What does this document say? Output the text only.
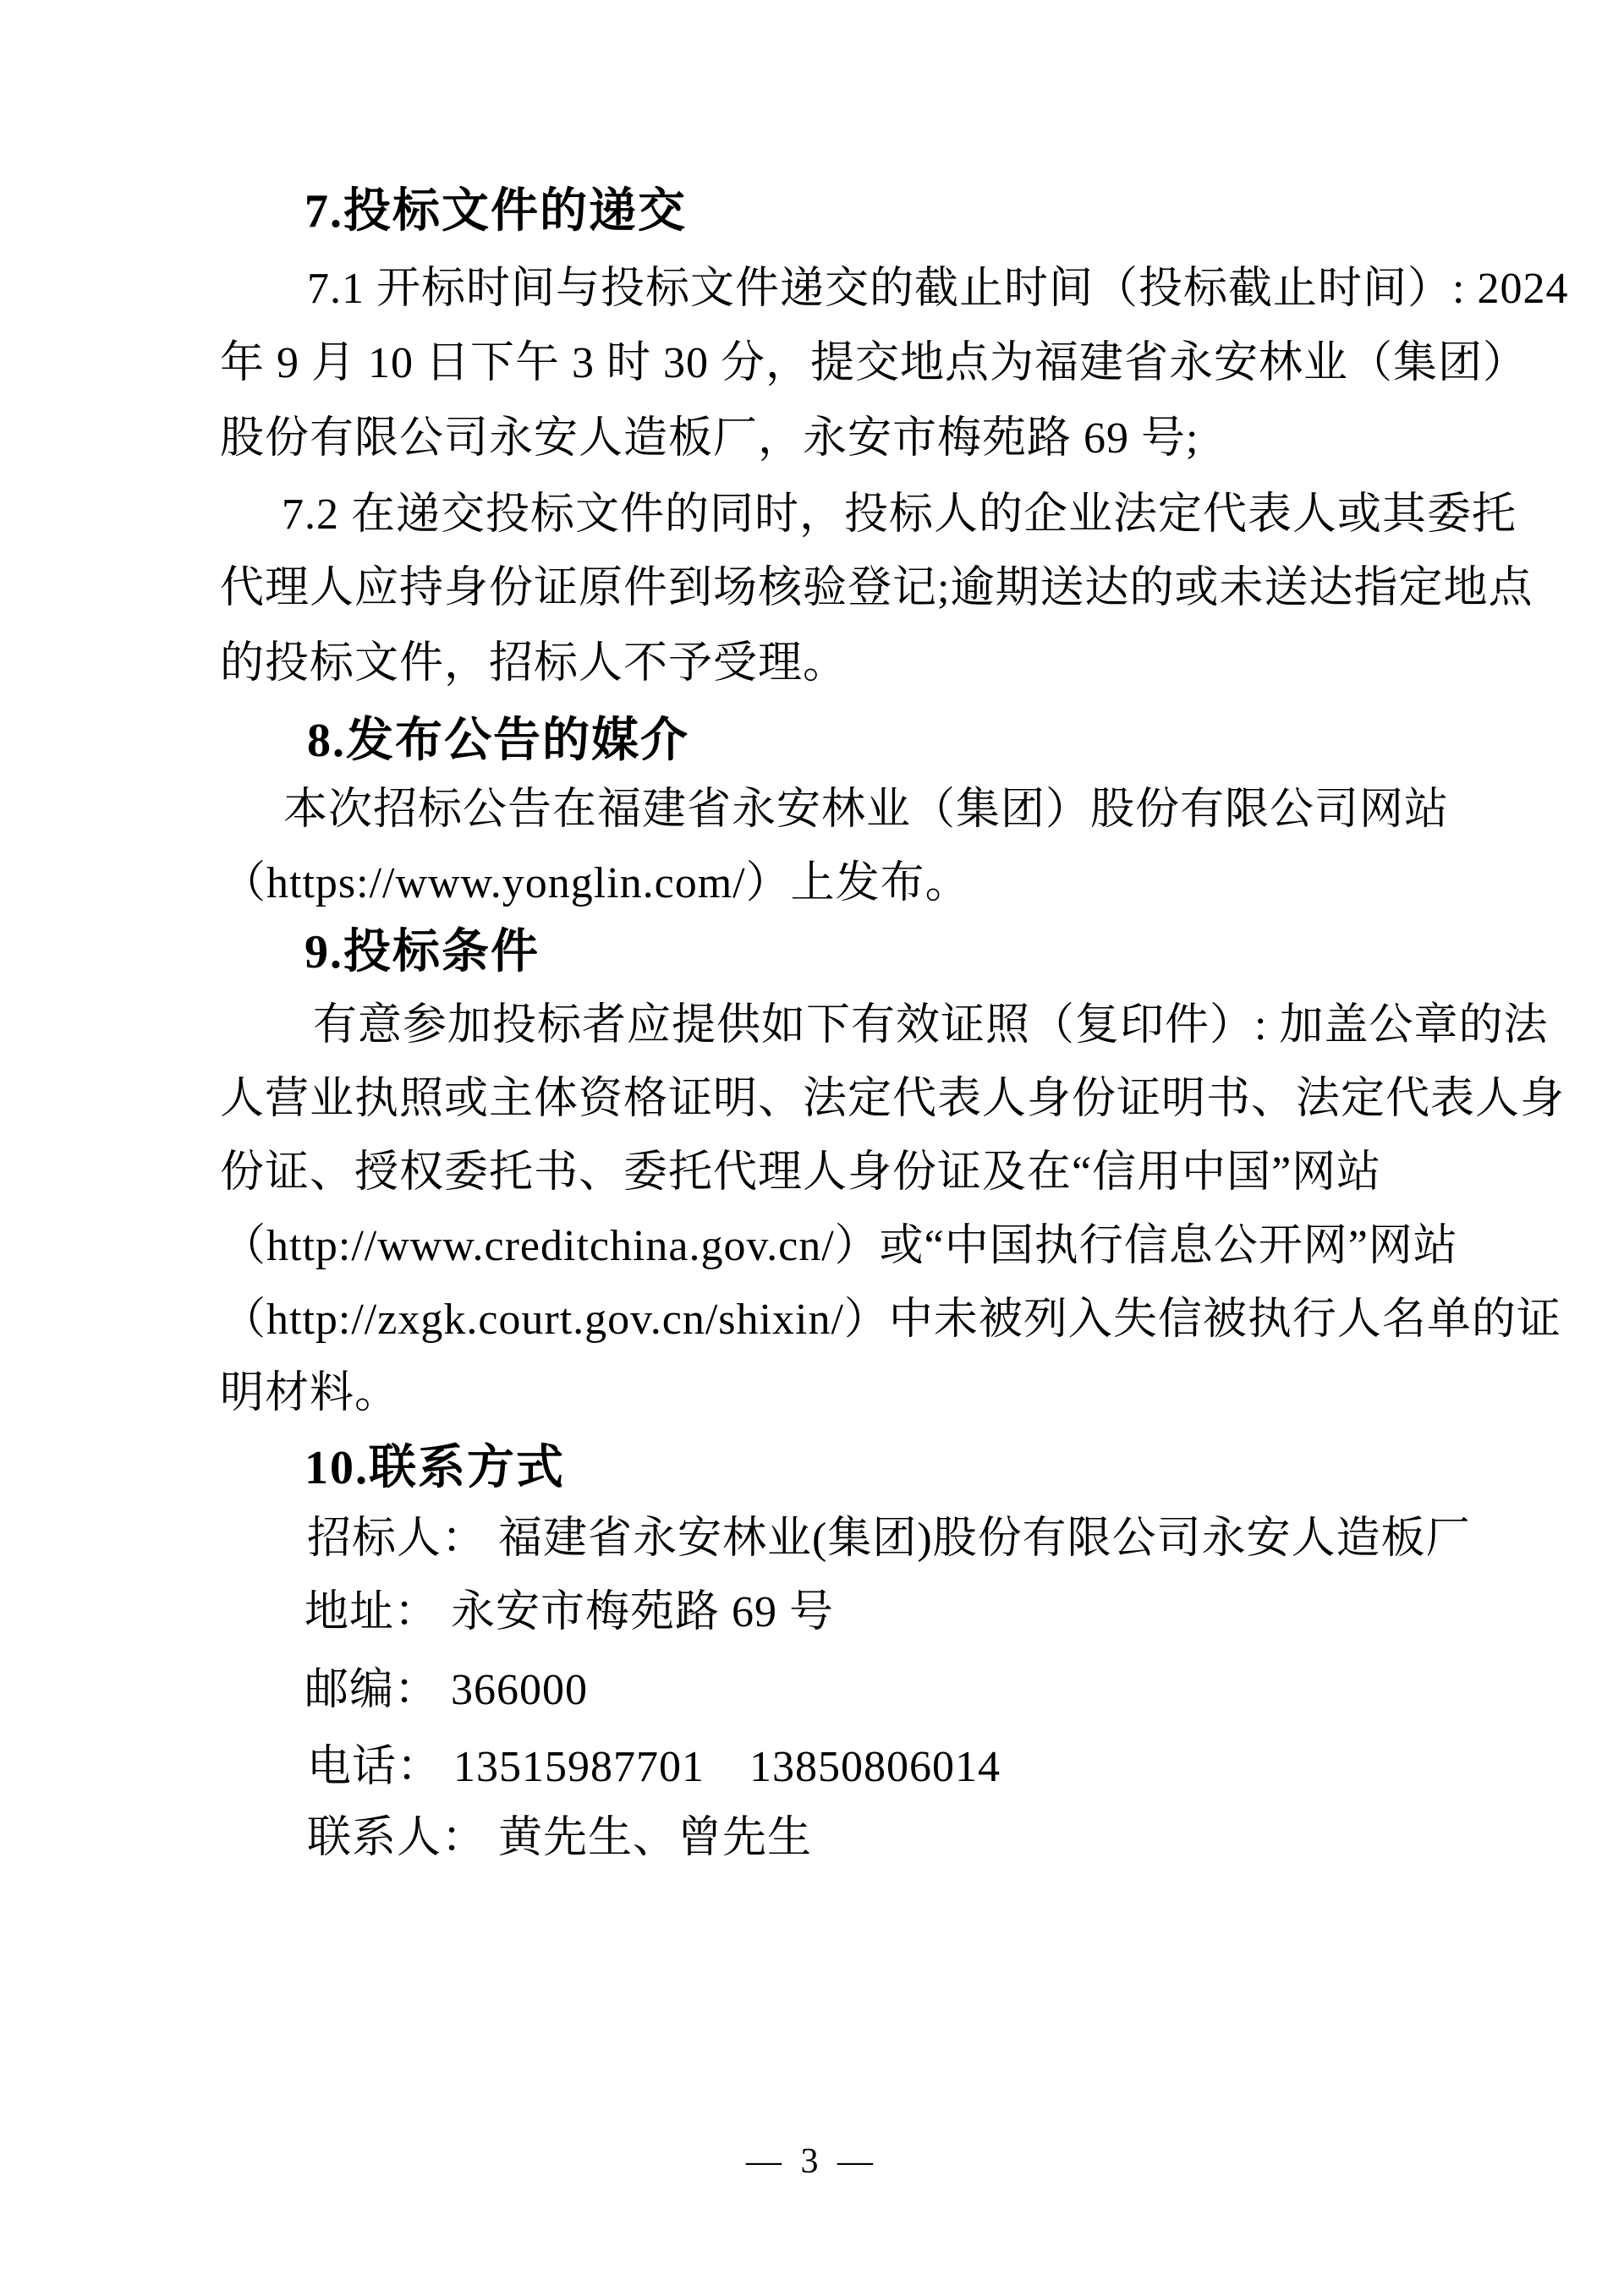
7.投标文件的递交
7.1 开标时间与投标文件递交的截止时间（投标截止时间）: 2024
年 9 月 10 日下午 3 时 30 分，提交地点为福建省永安林业（集团）
股份有限公司永安人造板厂，永安市梅苑路 69 号;
7.2 在递交投标文件的同时，投标人的企业法定代表人或其委托
代理人应持身份证原件到场核验登记;逾期送达的或未送达指定地点
的投标文件，招标人不予受理。
8.发布公告的媒介
本次招标公告在福建省永安林业（集团）股份有限公司网站
（https://www.yonglin.com/）上发布。
9.投标条件
有意参加投标者应提供如下有效证照（复印件）: 加盖公章的法
人营业执照或主体资格证明、法定代表人身份证明书、法定代表人身
份证、授权委托书、委托代理人身份证及在“信用中国”网站
（http://www.creditchina.gov.cn/）或“中国执行信息公开网”网站
（http://zxgk.court.gov.cn/shixin/）中未被列入失信被执行人名单的证
明材料。
10.联系方式
招标人： 福建省永安林业(集团)股份有限公司永安人造板厂
地址： 永安市梅苑路 69 号
邮编： 366000
电话： 13515987701　13850806014
联系人： 黄先生、曾先生
— 3 —
